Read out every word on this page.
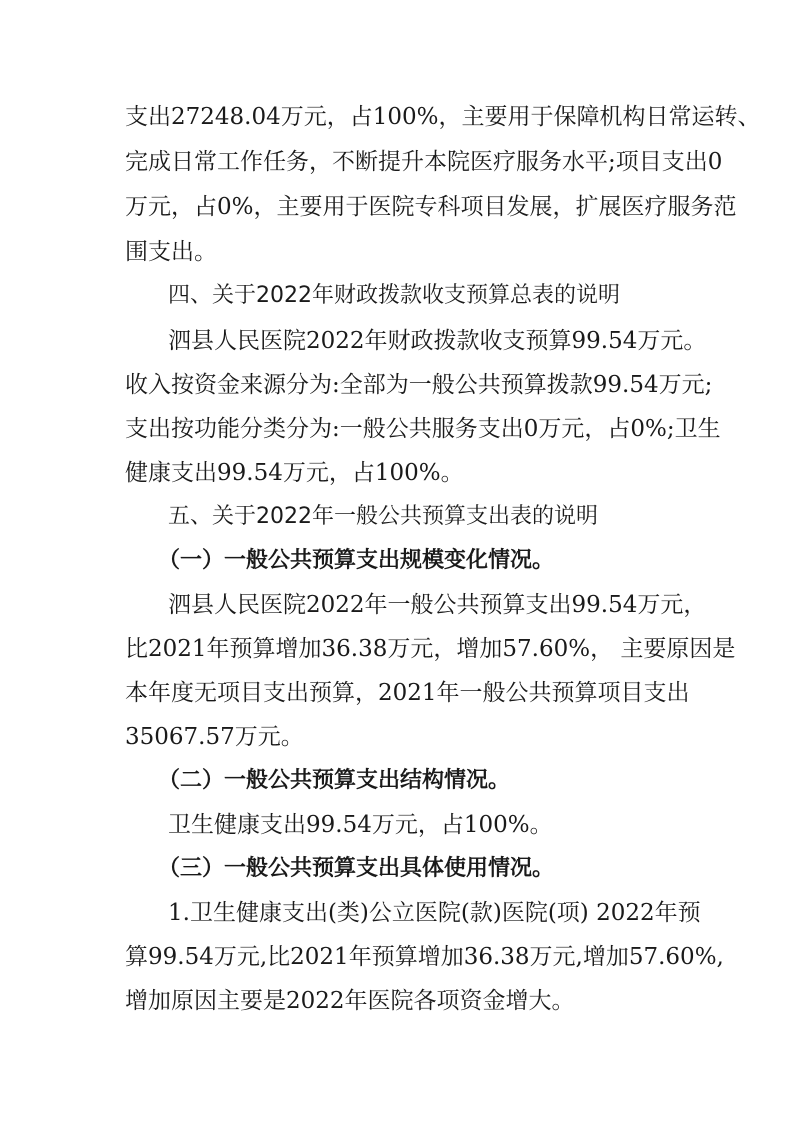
支出27248.04万元，占100%，主要用于保障机构日常运转、
完成日常工作任务，不断提升本院医疗服务水平;项目支出0
万元，占0%，主要用于医院专科项目发展，扩展医疗服务范
围支出。
四、关于2022年财政拨款收支预算总表的说明
泗县人民医院2022年财政拨款收支预算99.54万元。
收入按资金来源分为:全部为一般公共预算拨款99.54万元;
支出按功能分类分为:一般公共服务支出0万元，占0%;卫生
健康支出99.54万元，占100%。
五、关于2022年一般公共预算支出表的说明
（一）一般公共预算支出规模变化情况。
泗县人民医院2022年一般公共预算支出99.54万元，
比2021年预算增加36.38万元，增加57.60%， 主要原因是
本年度无项目支出预算，2021年一般公共预算项目支出
35067.57万元。
（二）一般公共预算支出结构情况。
卫生健康支出99.54万元，占100%。
（三）一般公共预算支出具体使用情况。
1.卫生健康支出(类)公立医院(款)医院(项) 2022年预
算99.54万元,比2021年预算增加36.38万元,增加57.60%,
增加原因主要是2022年医院各项资金增大。
